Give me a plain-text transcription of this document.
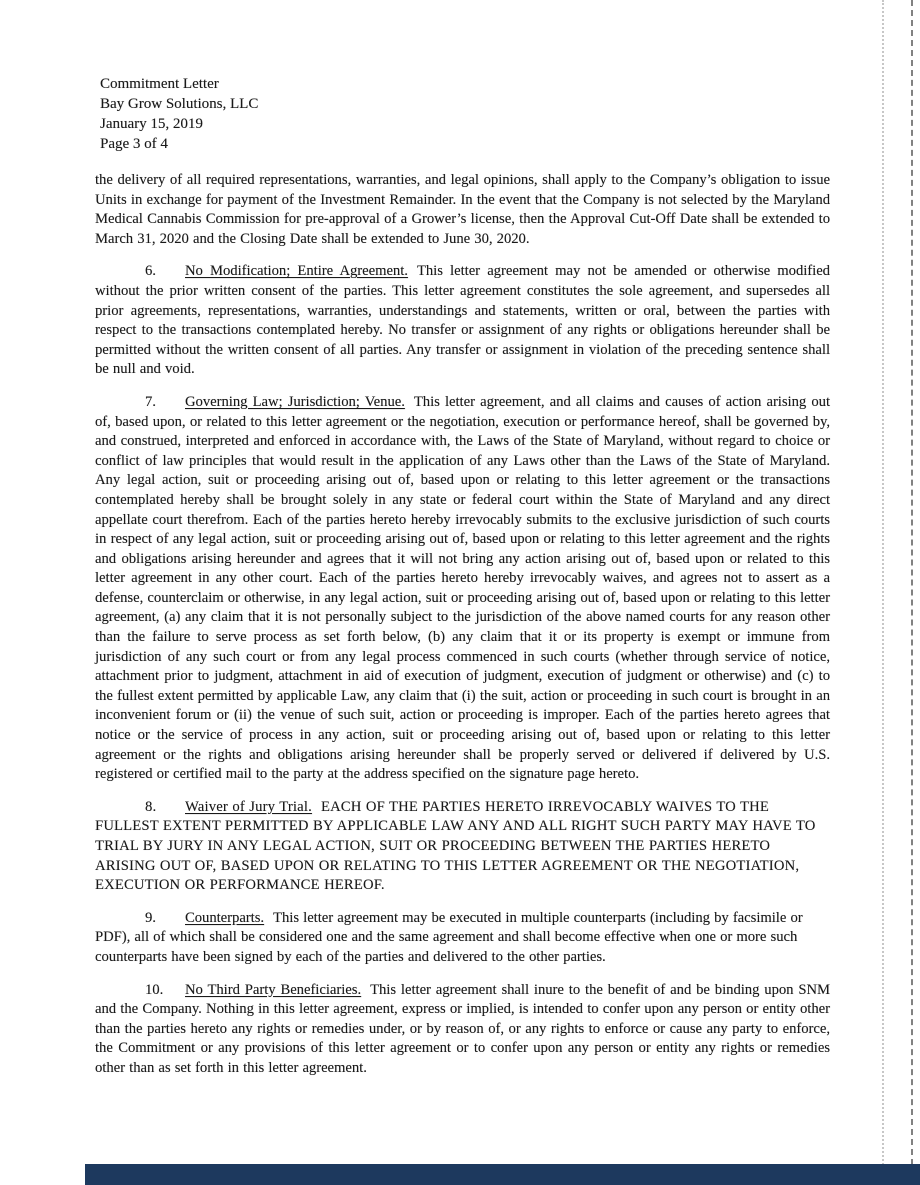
Commitment Letter
Bay Grow Solutions, LLC
January 15, 2019
Page 3 of 4

the delivery of all required representations, warranties, and legal opinions, shall apply to the Company’s obligation to issue Units in exchange for payment of the Investment Remainder. In the event that the Company is not selected by the Maryland Medical Cannabis Commission for pre-approval of a Grower’s license, then the Approval Cut-Off Date shall be extended to March 31, 2020 and the Closing Date shall be extended to June 30, 2020.

6. No Modification; Entire Agreement. This letter agreement may not be amended or otherwise modified without the prior written consent of the parties. This letter agreement constitutes the sole agreement, and supersedes all prior agreements, representations, warranties, understandings and statements, written or oral, between the parties with respect to the transactions contemplated hereby. No transfer or assignment of any rights or obligations hereunder shall be permitted without the written consent of all parties. Any transfer or assignment in violation of the preceding sentence shall be null and void.

7. Governing Law; Jurisdiction; Venue. This letter agreement, and all claims and causes of action arising out of, based upon, or related to this letter agreement or the negotiation, execution or performance hereof, shall be governed by, and construed, interpreted and enforced in accordance with, the Laws of the State of Maryland, without regard to choice or conflict of law principles that would result in the application of any Laws other than the Laws of the State of Maryland. Any legal action, suit or proceeding arising out of, based upon or relating to this letter agreement or the transactions contemplated hereby shall be brought solely in any state or federal court within the State of Maryland and any direct appellate court therefrom. Each of the parties hereto hereby irrevocably submits to the exclusive jurisdiction of such courts in respect of any legal action, suit or proceeding arising out of, based upon or relating to this letter agreement and the rights and obligations arising hereunder and agrees that it will not bring any action arising out of, based upon or related to this letter agreement in any other court. Each of the parties hereto hereby irrevocably waives, and agrees not to assert as a defense, counterclaim or otherwise, in any legal action, suit or proceeding arising out of, based upon or relating to this letter agreement, (a) any claim that it is not personally subject to the jurisdiction of the above named courts for any reason other than the failure to serve process as set forth below, (b) any claim that it or its property is exempt or immune from jurisdiction of any such court or from any legal process commenced in such courts (whether through service of notice, attachment prior to judgment, attachment in aid of execution of judgment, execution of judgment or otherwise) and (c) to the fullest extent permitted by applicable Law, any claim that (i) the suit, action or proceeding in such court is brought in an inconvenient forum or (ii) the venue of such suit, action or proceeding is improper. Each of the parties hereto agrees that notice or the service of process in any action, suit or proceeding arising out of, based upon or relating to this letter agreement or the rights and obligations arising hereunder shall be properly served or delivered if delivered by U.S. registered or certified mail to the party at the address specified on the signature page hereto.

8. Waiver of Jury Trial. EACH OF THE PARTIES HERETO IRREVOCABLY WAIVES TO THE FULLEST EXTENT PERMITTED BY APPLICABLE LAW ANY AND ALL RIGHT SUCH PARTY MAY HAVE TO TRIAL BY JURY IN ANY LEGAL ACTION, SUIT OR PROCEEDING BETWEEN THE PARTIES HERETO ARISING OUT OF, BASED UPON OR RELATING TO THIS LETTER AGREEMENT OR THE NEGOTIATION, EXECUTION OR PERFORMANCE HEREOF.

9. Counterparts. This letter agreement may be executed in multiple counterparts (including by facsimile or PDF), all of which shall be considered one and the same agreement and shall become effective when one or more such counterparts have been signed by each of the parties and delivered to the other parties.

10. No Third Party Beneficiaries. This letter agreement shall inure to the benefit of and be binding upon SNM and the Company. Nothing in this letter agreement, express or implied, is intended to confer upon any person or entity other than the parties hereto any rights or remedies under, or by reason of, or any rights to enforce or cause any party to enforce, the Commitment or any provisions of this letter agreement or to confer upon any person or entity any rights or remedies other than as set forth in this letter agreement.
